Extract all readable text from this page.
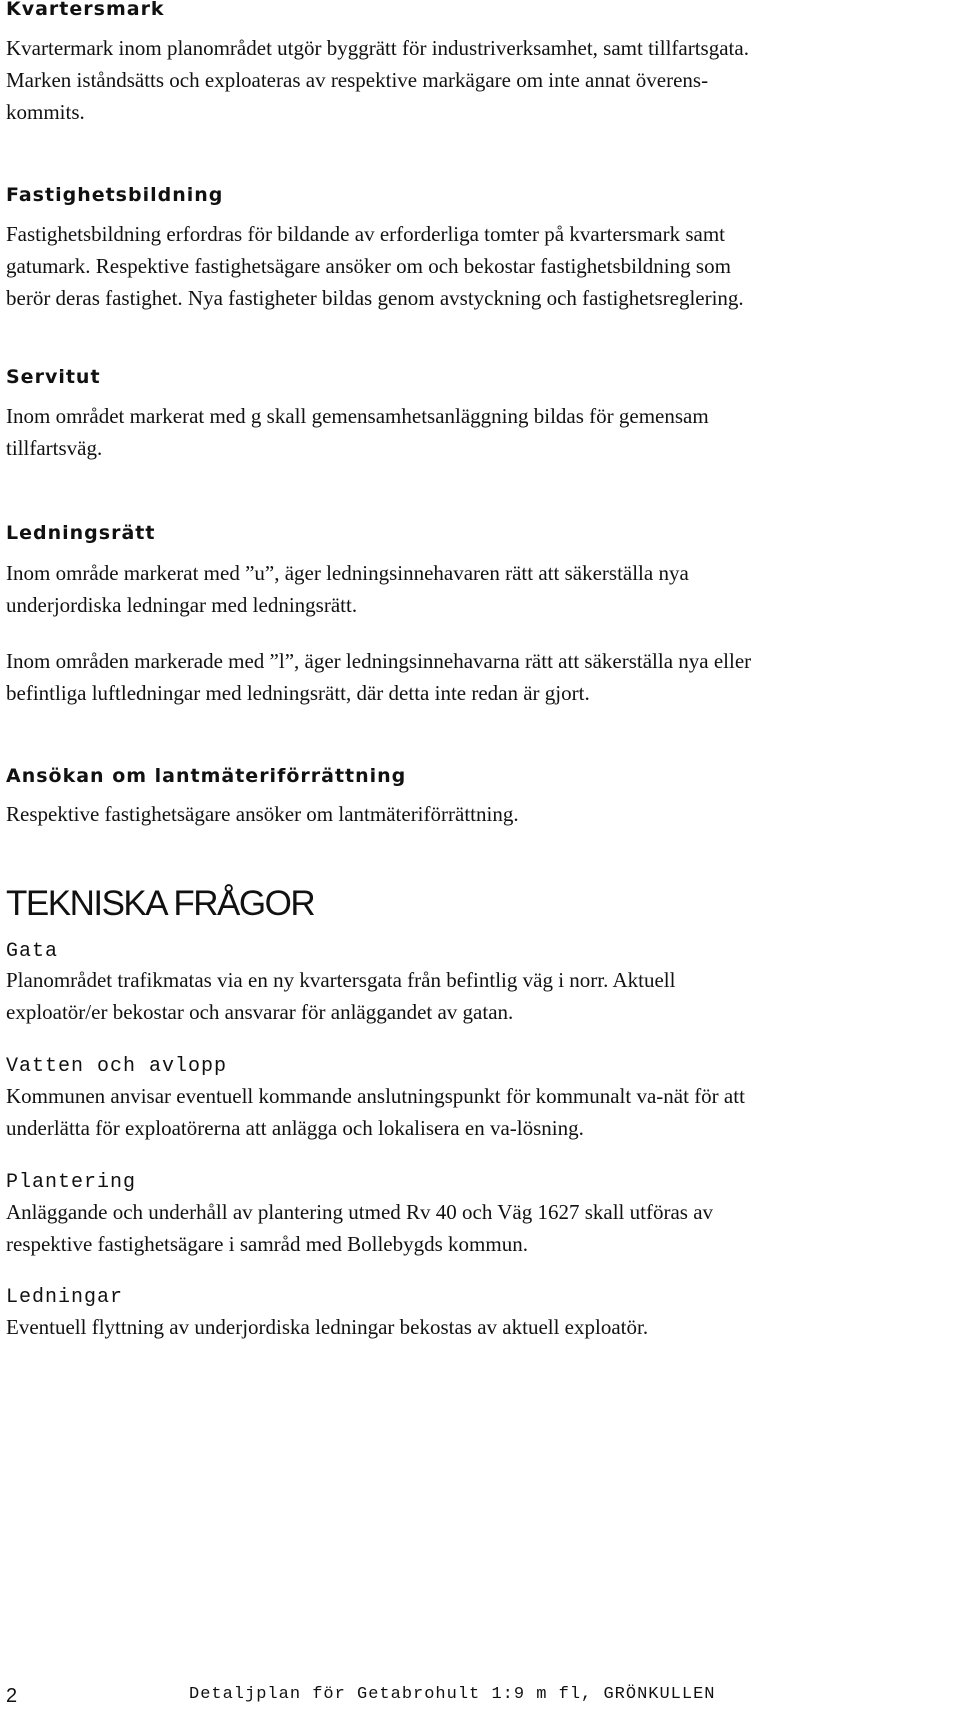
Kvartersmark
Kvartermark inom planområdet utgör byggrätt för industriverksamhet, samt tillfartsgata.
Marken iståndsätts och exploateras av respektive markägare om inte annat överens-
kommits.
Fastighetsbildning
Fastighetsbildning erfordras för bildande av erforderliga tomter på kvartersmark samt
gatumark. Respektive fastighetsägare ansöker om och bekostar fastighetsbildning som
berör deras fastighet. Nya fastigheter bildas genom avstyckning och fastighetsreglering.
Servitut
Inom området markerat med g skall gemensamhetsanläggning bildas för gemensam
tillfartsväg.
Ledningsrätt
Inom område markerat med ”u”, äger ledningsinnehavaren rätt att säkerställa nya
underjordiska ledningar med ledningsrätt.
Inom områden markerade med ”l”, äger ledningsinnehavarna rätt att säkerställa nya eller
befintliga luftledningar med ledningsrätt, där detta inte redan är gjort.
Ansökan om lantmäteriförrättning
Respektive fastighetsägare ansöker om lantmäteriförrättning.
TEKNISKA FRÅGOR
Gata
Planområdet trafikmatas via en ny kvartersgata från befintlig väg i norr. Aktuell
exploatör/er bekostar och ansvarar för anläggandet av gatan.
Vatten och avlopp
Kommunen anvisar eventuell kommande anslutningspunkt för kommunalt va-nät för att
underlätta för exploatörerna att anlägga och lokalisera en va-lösning.
Plantering
Anläggande och underhåll av plantering utmed Rv 40 och Väg 1627 skall utföras av
respektive fastighetsägare i samråd med Bollebygds kommun.
Ledningar
Eventuell flyttning av underjordiska ledningar bekostas av aktuell exploatör.
2	Detaljplan för Getabrohult 1:9 m fl, GRÖNKULLEN
